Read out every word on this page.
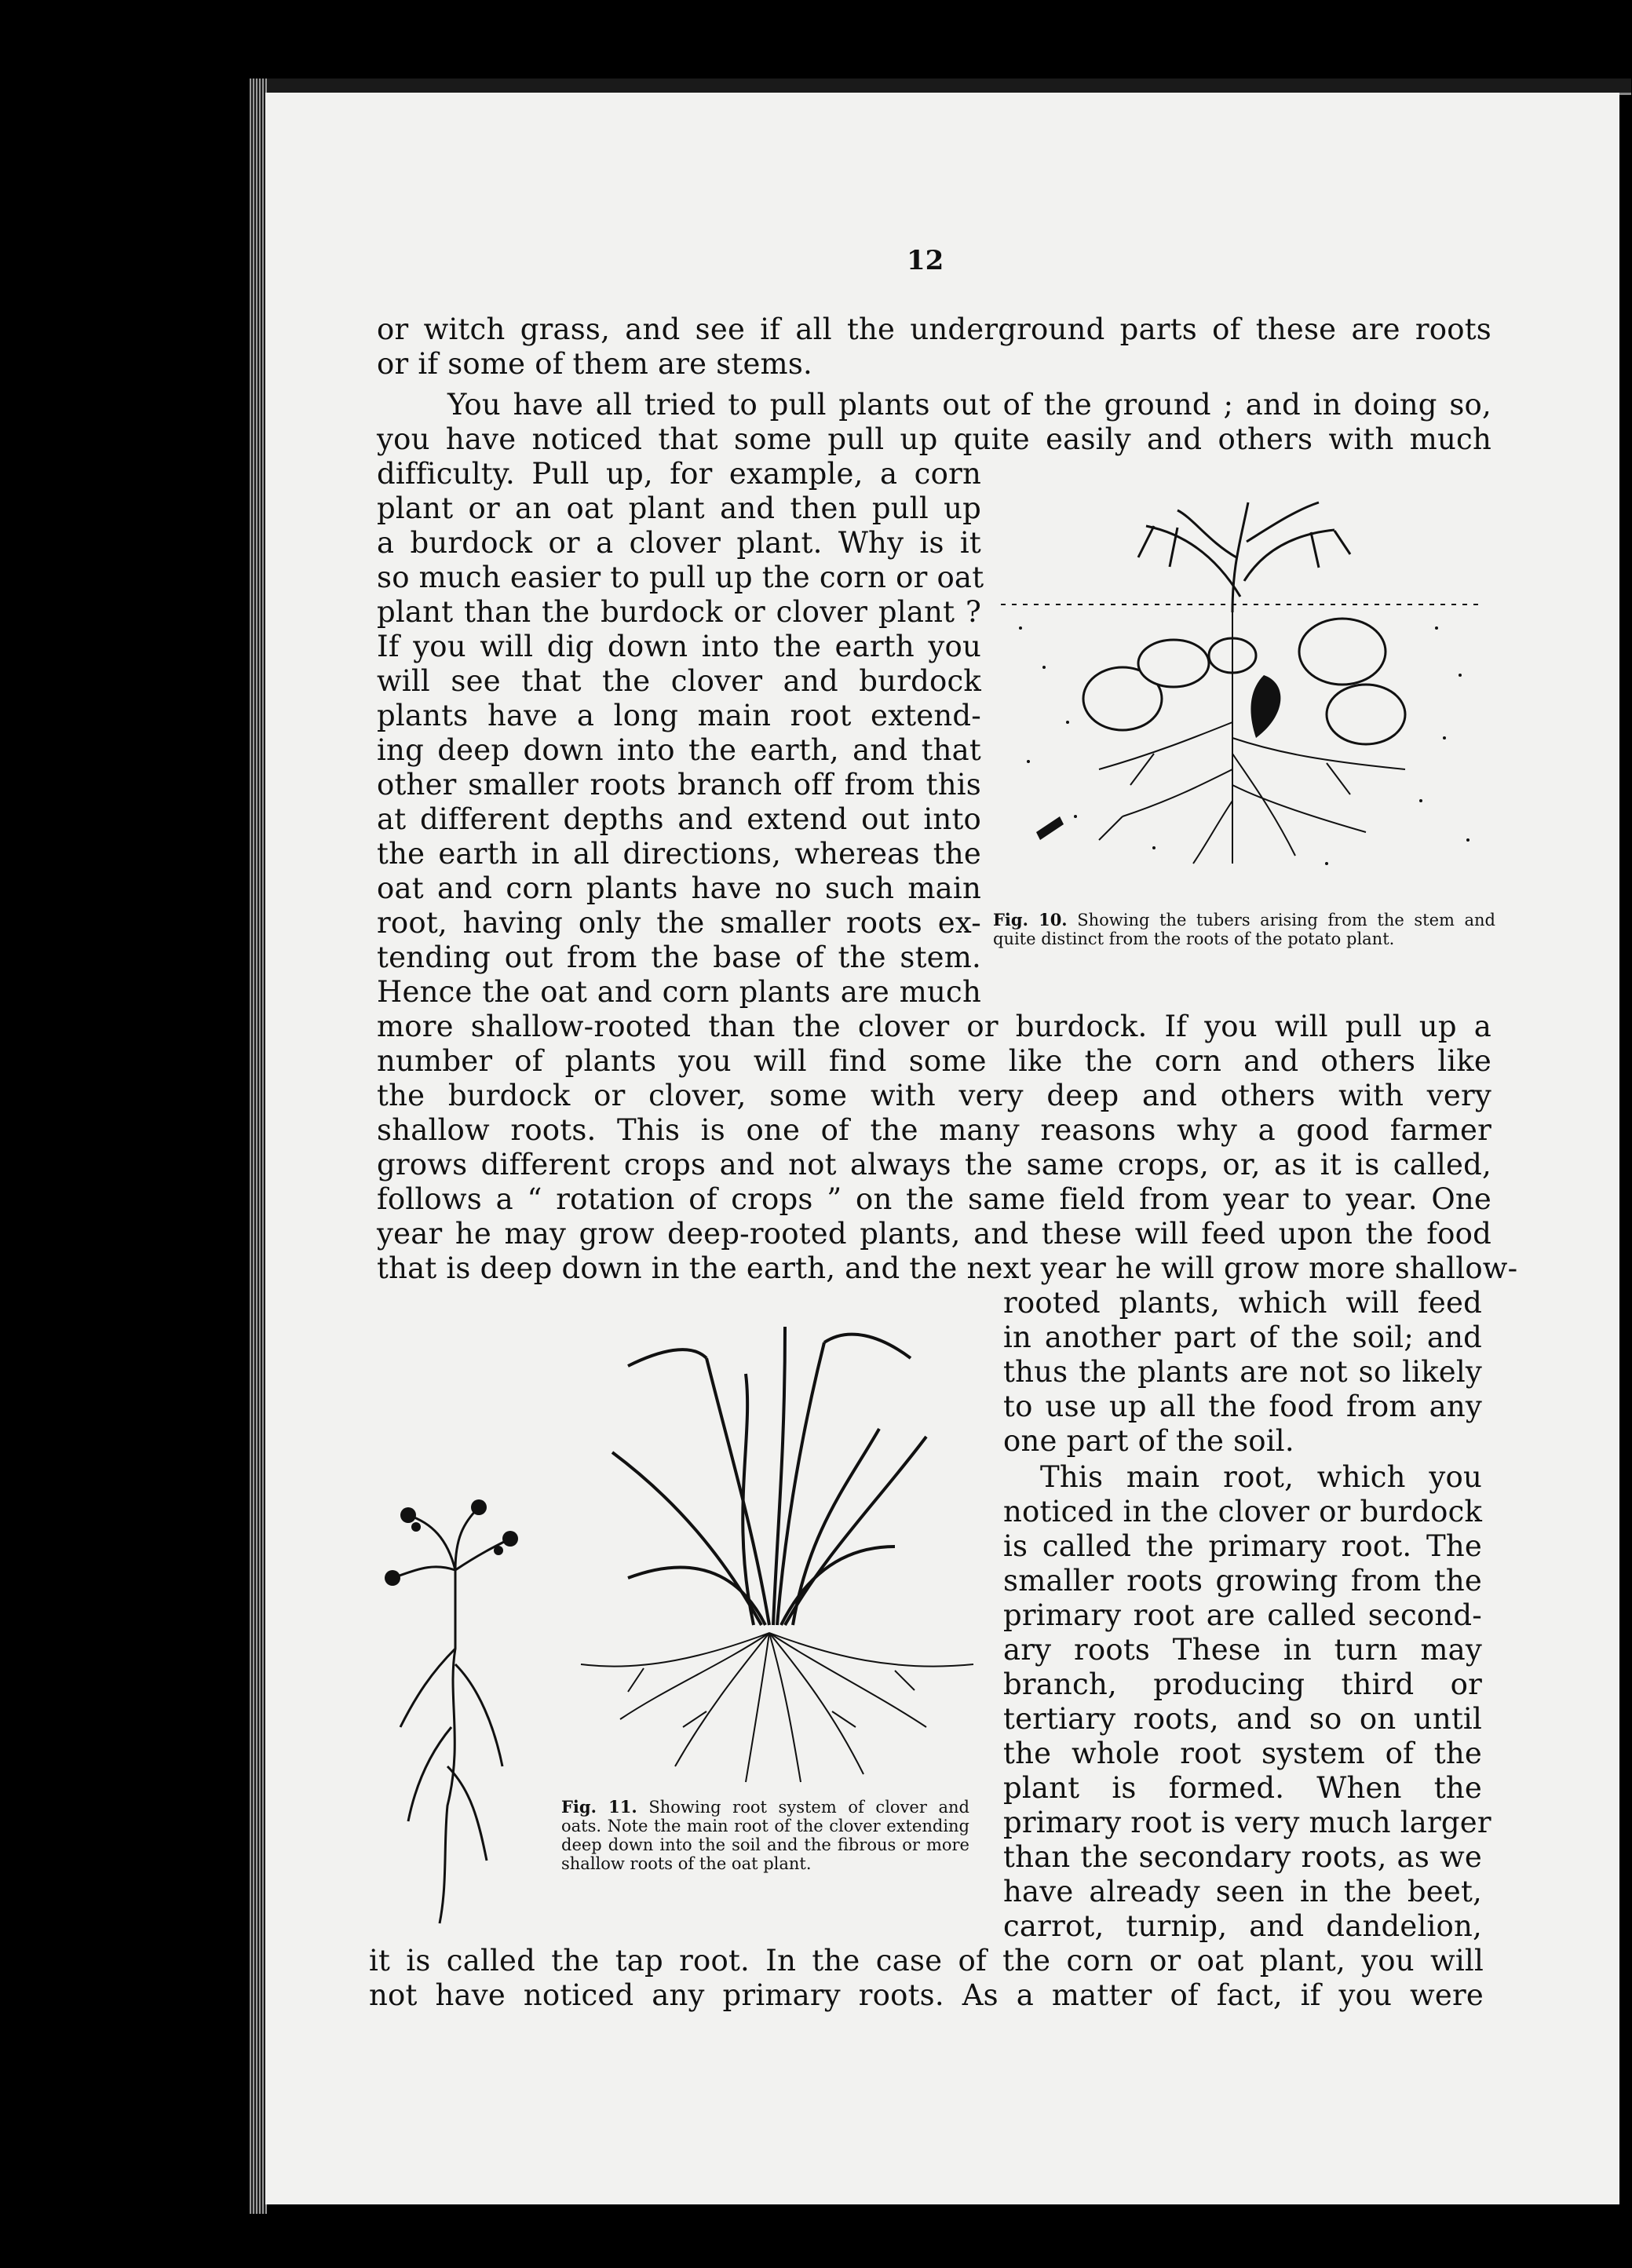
12
or witch grass, and see if all the underground parts of these are roots
or if some of them are stems.
You have all tried to pull plants out of the ground ; and in doing so,
you have noticed that some pull up quite easily and others with much
difficulty. Pull up, for example, a corn
plant or an oat plant and then pull up
a burdock or a clover plant. Why is it
so much easier to pull up the corn or oat
plant than the burdock or clover plant ?
If you will dig down into the earth you
will see that the clover and burdock
plants have a long main root extend-
ing deep down into the earth, and that
other smaller roots branch off from this
at different depths and extend out into
the earth in all directions, whereas the
oat and corn plants have no such main
root, having only the smaller roots ex-
tending out from the base of the stem.
Hence the oat and corn plants are much
more shallow-rooted than the clover or burdock. If you will pull up a
number of plants you will find some like the corn and others like
the burdock or clover, some with very deep and others with very
shallow roots. This is one of the many reasons why a good farmer
grows different crops and not always the same crops, or, as it is called,
follows a “ rotation of crops ” on the same field from year to year. One
year he may grow deep-rooted plants, and these will feed upon the food
that is deep down in the earth, and the next year he will grow more shallow-
rooted plants, which will feed
in another part of the soil; and
thus the plants are not so likely
to use up all the food from any
one part of the soil.
This main root, which you
noticed in the clover or burdock
is called the primary root. The
smaller roots growing from the
primary root are called second-
ary roots These in turn may
branch, producing third or
tertiary roots, and so on until
the whole root system of the
plant is formed. When the
primary root is very much larger
than the secondary roots, as we
have already seen in the beet,
carrot, turnip, and dandelion,
it is called the tap root. In the case of the corn or oat plant, you will
not have noticed any primary roots. As a matter of fact, if you were
Fig. 10. Showing the tubers arising from the stem and quite distinct from the roots of the potato plant.
Fig. 11. Showing root system of clover and oats. Note the main root of the clover extending deep down into the soil and the fibrous or more shallow roots of the oat plant.
